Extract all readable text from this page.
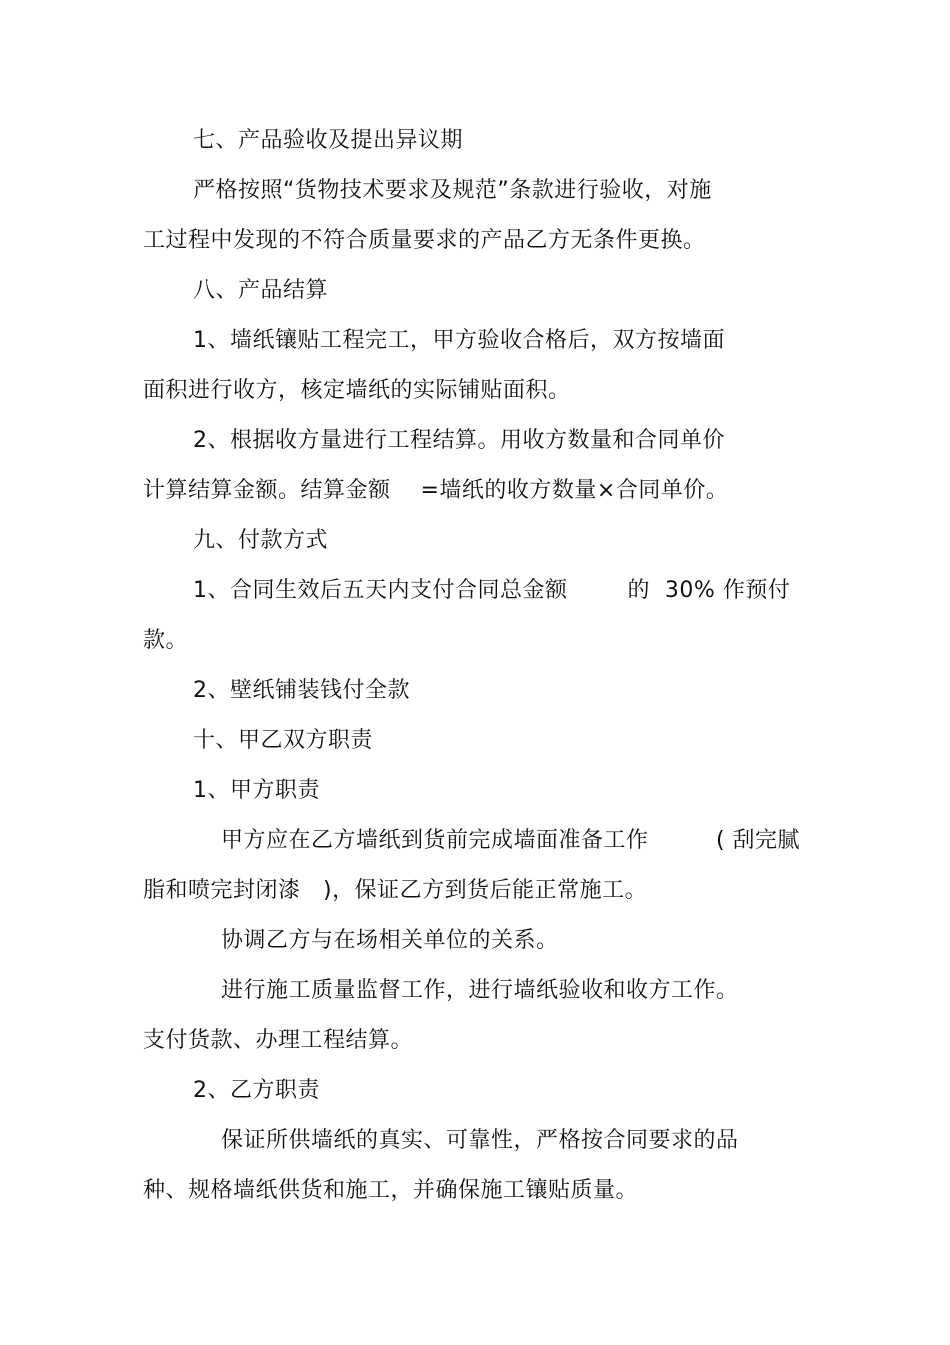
七、产品验收及提出异议期
严格按照“货物技术要求及规范”条款进行验收，对施
工过程中发现的不符合质量要求的产品乙方无条件更换。
八、产品结算
1、墙纸镶贴工程完工，甲方验收合格后，双方按墙面
面积进行收方，核定墙纸的实际铺贴面积。
2、根据收方量进行工程结算。用收方数量和合同单价
计算结算金额。结算金额    =墙纸的收方数量×合同单价。
九、付款方式
1、合同生效后五天内支付合同总金额        的  30% 作预付
款。
2、壁纸铺装钱付全款
十、甲乙双方职责
1、甲方职责
甲方应在乙方墙纸到货前完成墙面准备工作         ( 刮完腻
脂和喷完封闭漆   )，保证乙方到货后能正常施工。
协调乙方与在场相关单位的关系。
进行施工质量监督工作，进行墙纸验收和收方工作。
支付货款、办理工程结算。
2、乙方职责
保证所供墙纸的真实、可靠性，严格按合同要求的品
种、规格墙纸供货和施工，并确保施工镶贴质量。
